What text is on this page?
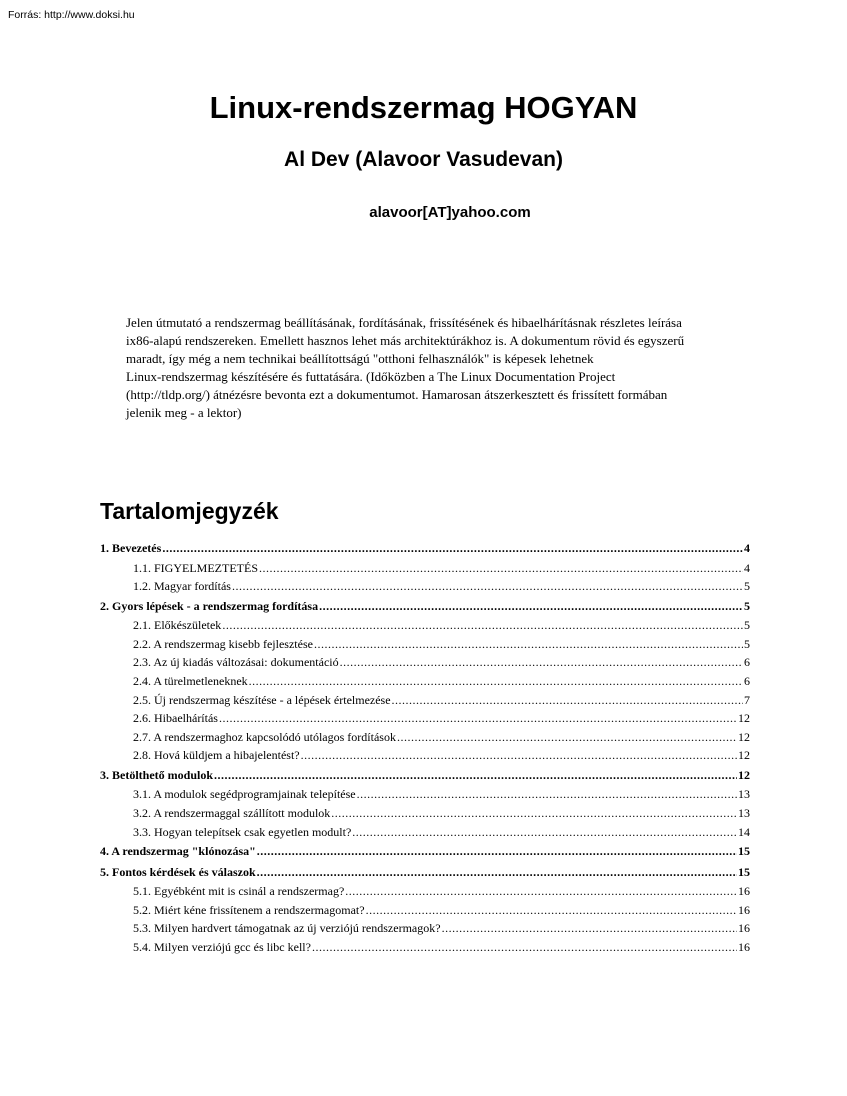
Forrás: http://www.doksi.hu
Linux-rendszermag HOGYAN
Al Dev (Alavoor Vasudevan)
alavoor[AT]yahoo.com
Jelen útmutató a rendszermag beállításának, fordításának, frissítésének és hibaelhárításnak részletes leírása
ix86-alapú rendszereken. Emellett hasznos lehet más architektúrákhoz is. A dokumentum rövid és egyszerű
maradt, így még a nem technikai beállítottságú "otthoni felhasználók" is képesek lehetnek
Linux-rendszermag készítésére és futtatására. (Időközben a The Linux Documentation Project
(http://tldp.org/) átnézésre bevonta ezt a dokumentumot. Hamarosan átszerkesztett és frissített formában
jelenik meg - a lektor)
Tartalomjegyzék
1. Bevezetés .....	4
1.1. FIGYELMEZTETÉS .....	4
1.2. Magyar fordítás .....	5
2. Gyors lépések - a rendszermag fordítása .....	5
2.1. Előkészületek .....	5
2.2. A rendszermag kisebb fejlesztése .....	5
2.3. Az új kiadás változásai: dokumentáció .....	6
2.4. A türelmetleneknek .....	6
2.5. Új rendszermag készítése - a lépések értelmezése .....	7
2.6. Hibaelhárítás .....	12
2.7. A rendszermaghoz kapcsolódó utólagos fordítások .....	12
2.8. Hová küldjem a hibajelentést? .....	12
3. Betölthető modulok .....	12
3.1. A modulok segédprogramjainak telepítése .....	13
3.2. A rendszermaggal szállított modulok .....	13
3.3. Hogyan telepítsek csak egyetlen modult? .....	14
4. A rendszermag "klónozása" .....	15
5. Fontos kérdések és válaszok .....	15
5.1. Egyébként mit is csinál a rendszermag? .....	16
5.2. Miért kéne frissítenem a rendszermagomat? .....	16
5.3. Milyen hardvert támogatnak az új verziójú rendszermagok? .....	16
5.4. Milyen verziójú gcc és libc kell? .....	16
